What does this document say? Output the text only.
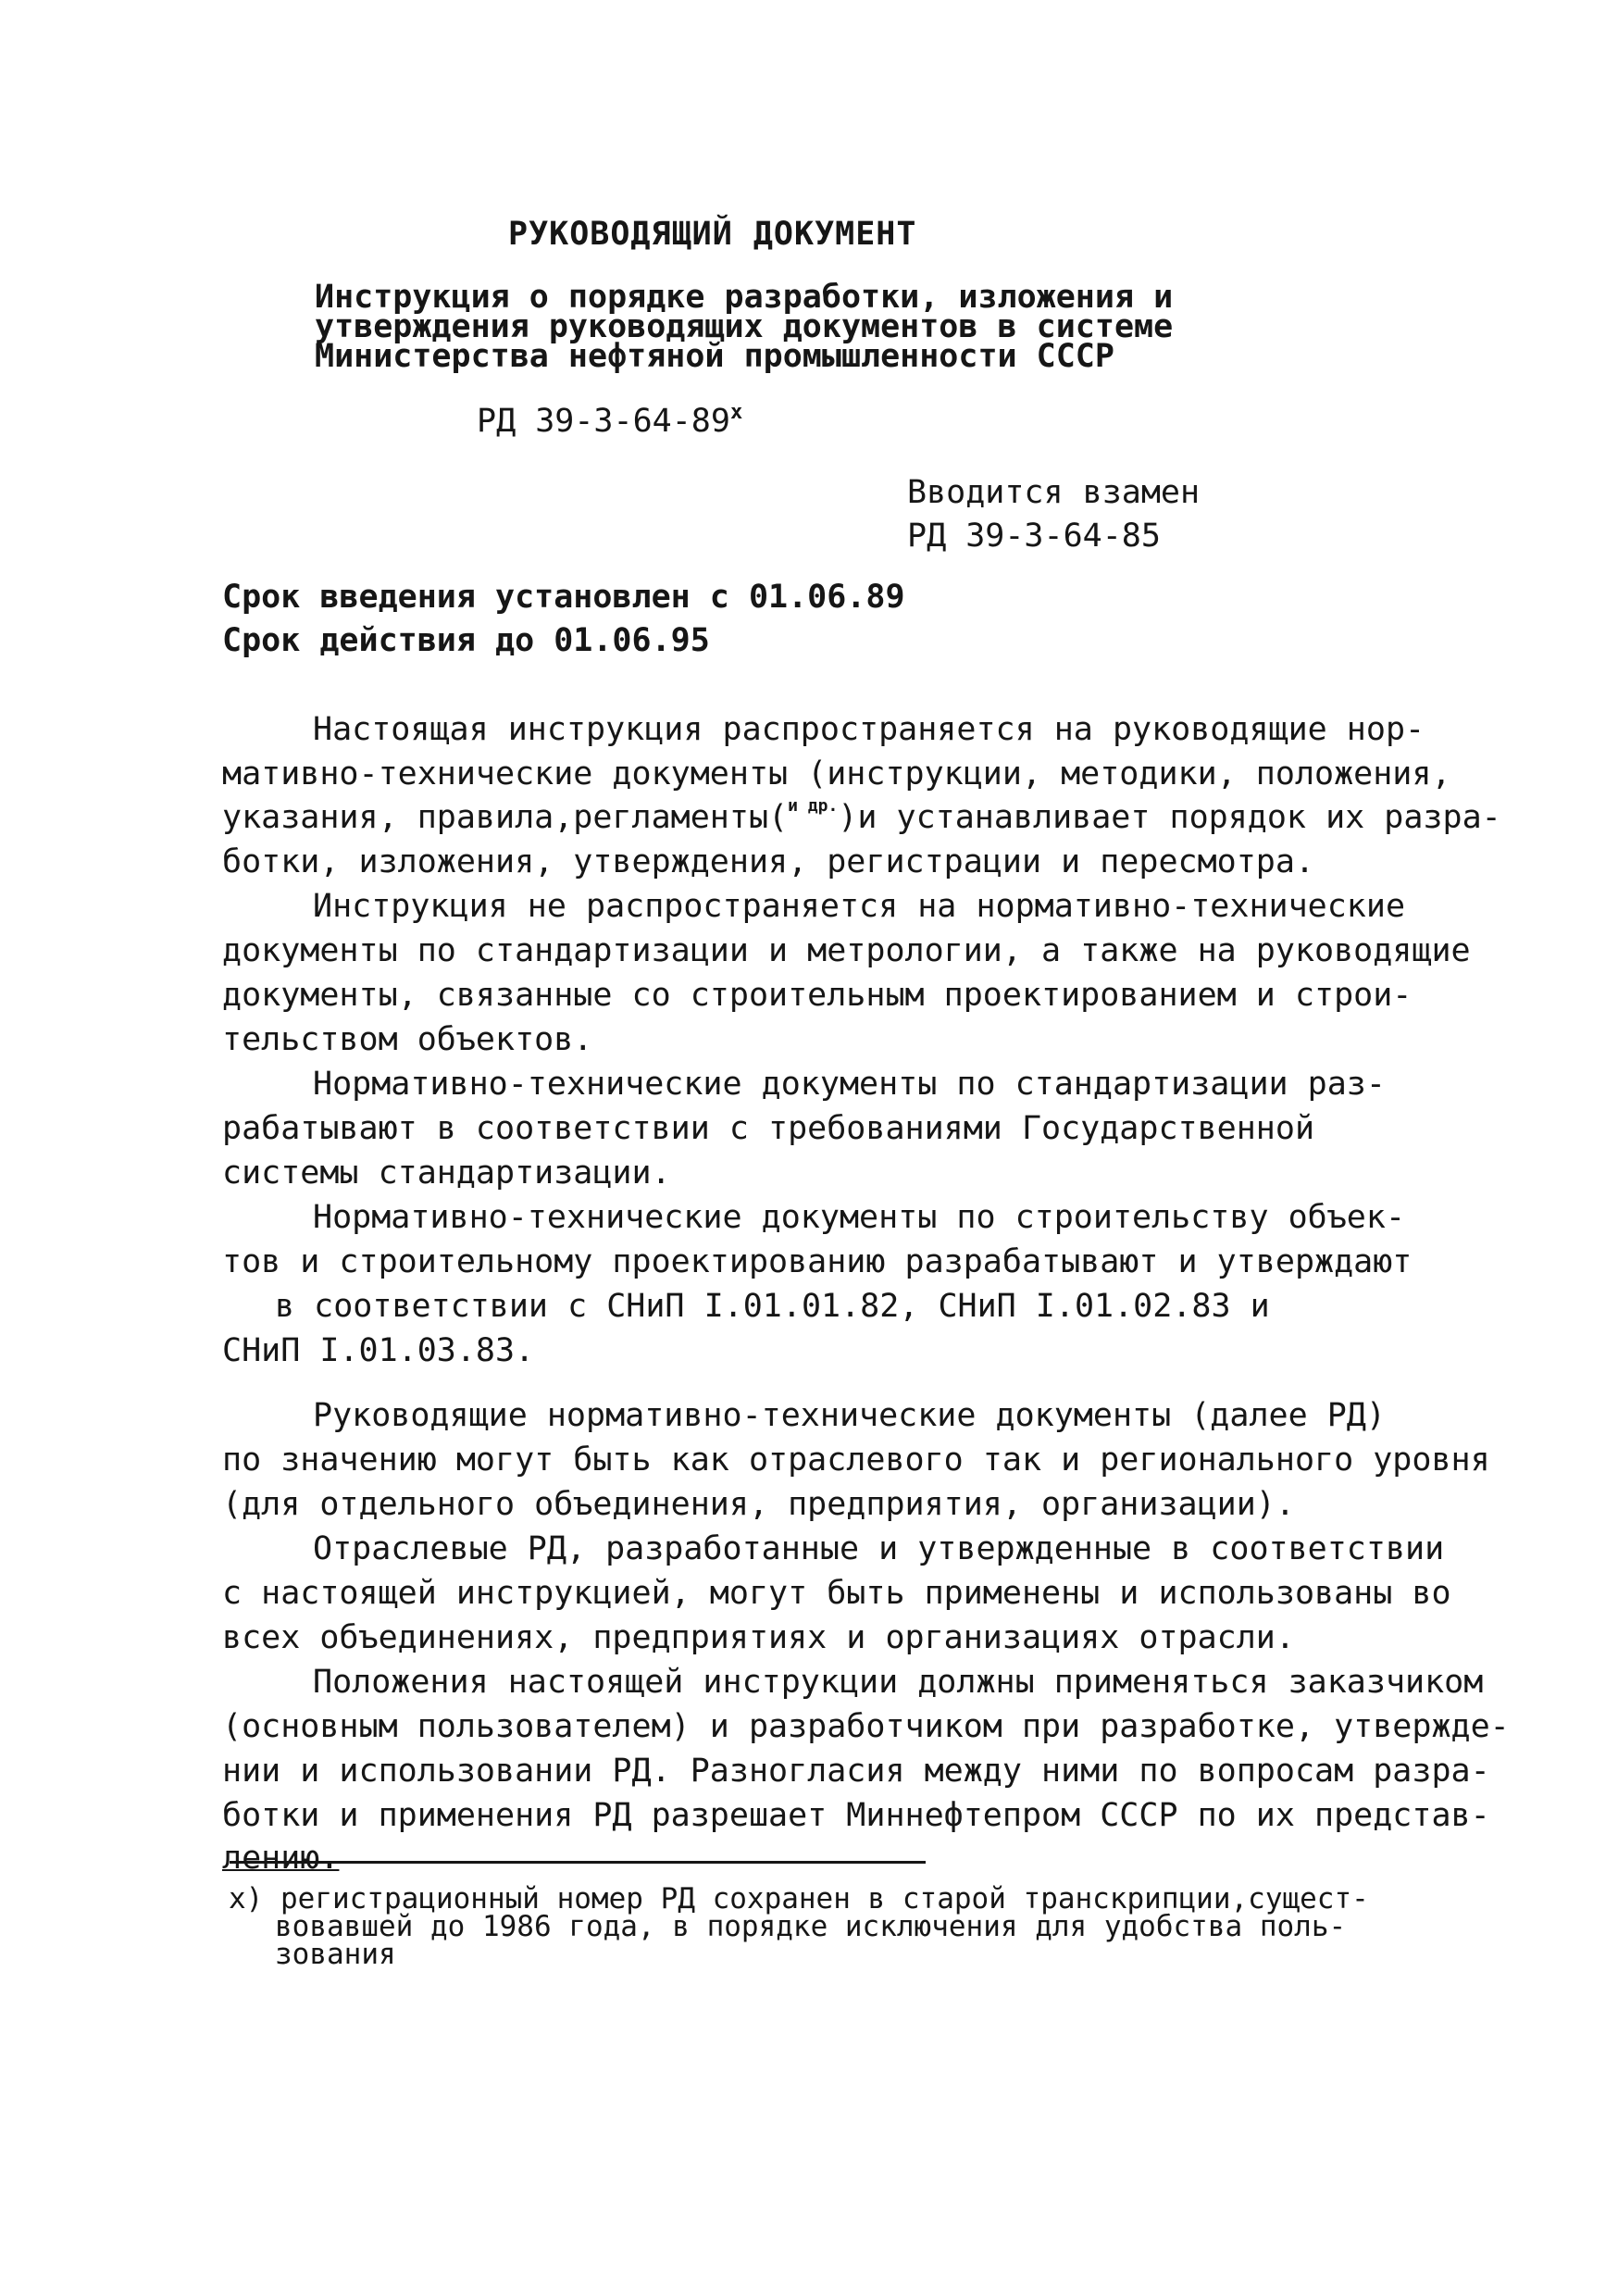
РУКОВОДЯЩИЙ ДОКУМЕНТ
Инструкция о порядке разработки, изложения и
утверждения руководящих документов в системе
Министерства нефтяной промышленности СССР
РД 39-3-64-89$^x$
Вводится взамен
РД 39-3-64-85
Срок введения установлен с 01.06.89
Срок действия до 01.06.95
Настоящая инструкция распространяется на руководящие нор-
мативно-технические документы (инструкции, методики, положения,
указания, правила,регламенты($^{и др.}$)и устанавливает порядок их разра-
ботки, изложения, утверждения, регистрации и пересмотра.
Инструкция не распространяется на нормативно-технические
документы по стандартизации и метрологии, а также на руководящие
документы, связанные со строительным проектированием и строи-
тельством объектов.
Нормативно-технические документы по стандартизации раз-
рабатывают в соответствии с требованиями Государственной
системы стандартизации.
Нормативно-технические документы по строительству объек-
тов и строительному проектированию разрабатывают и утверждают
в соответствии с СНиП I.01.01.82, СНиП I.01.02.83 и
СНиП I.01.03.83.
Руководящие нормативно-технические документы (далее РД)
по значению могут быть как отраслевого так и регионального уровня
(для отдельного объединения, предприятия, организации).
Отраслевые РД, разработанные и утвержденные в соответствии
с настоящей инструкцией, могут быть применены и использованы во
всех объединениях, предприятиях и организациях отрасли.
Положения настоящей инструкции должны применяться заказчиком
(основным пользователем) и разработчиком при разработке, утвержде-
нии и использовании РД. Разногласия между ними по вопросам разра-
ботки и применения РД разрешает Миннефтепром СССР по их представ-
лению.
x) регистрационный номер РД сохранен в старой транскрипции,сущест-
вовавшей до 1986 года, в порядке исключения для удобства поль-
зования
